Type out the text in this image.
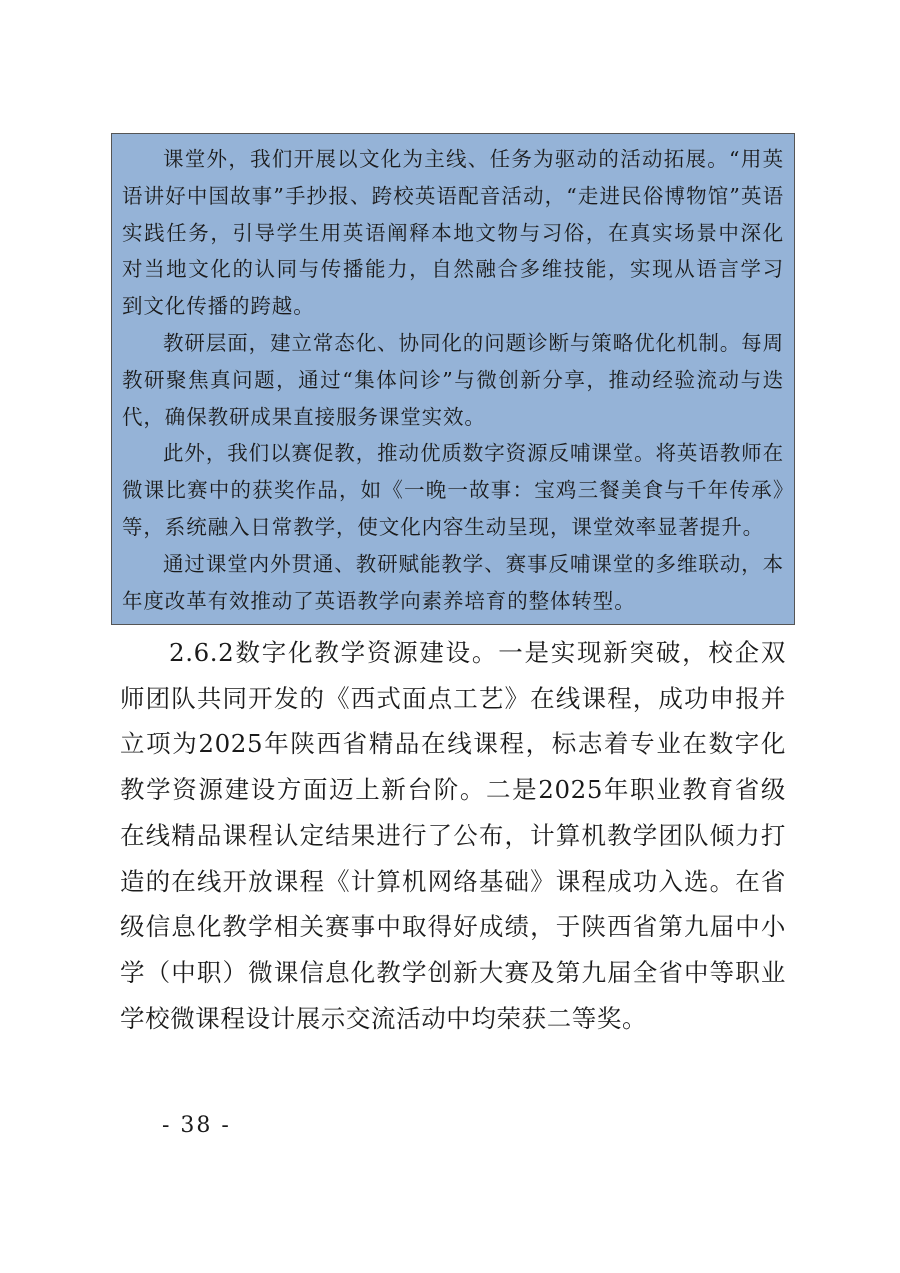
课堂外，我们开展以文化为主线、任务为驱动的活动拓展。“用英语讲好中国故事”手抄报、跨校英语配音活动，“走进民俗博物馆”英语实践任务，引导学生用英语阐释本地文物与习俗，在真实场景中深化对当地文化的认同与传播能力，自然融合多维技能，实现从语言学习到文化传播的跨越。

教研层面，建立常态化、协同化的问题诊断与策略优化机制。每周教研聚焦真问题，通过“集体问诊”与微创新分享，推动经验流动与迭代，确保教研成果直接服务课堂实效。

此外，我们以赛促教，推动优质数字资源反哺课堂。将英语教师在微课比赛中的获奖作品，如《一晚一故事：宝鸡三餐美食与千年传承》等，系统融入日常教学，使文化内容生动呈现，课堂效率显著提升。

通过课堂内外贯通、教研赋能教学、赛事反哺课堂的多维联动，本年度改革有效推动了英语教学向素养培育的整体转型。

2.6.2数字化教学资源建设。一是实现新突破，校企双师团队共同开发的《西式面点工艺》在线课程，成功申报并立项为2025年陕西省精品在线课程，标志着专业在数字化教学资源建设方面迈上新台阶。二是2025年职业教育省级在线精品课程认定结果进行了公布，计算机教学团队倾力打造的在线开放课程《计算机网络基础》课程成功入选。在省级信息化教学相关赛事中取得好成绩，于陕西省第九届中小学（中职）微课信息化教学创新大赛及第九届全省中等职业学校微课程设计展示交流活动中均荣获二等奖。

- 38 -
